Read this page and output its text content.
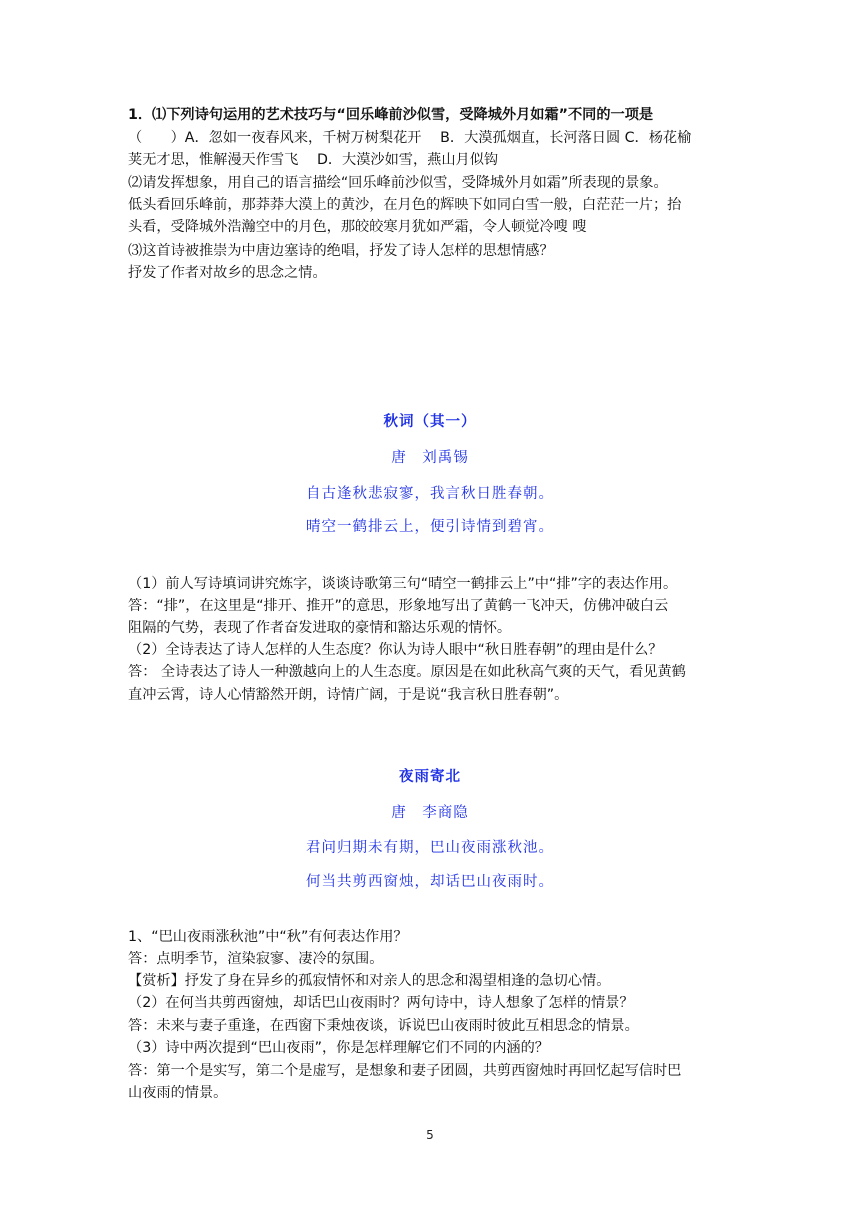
1．⑴下列诗句运用的艺术技巧与“回乐峰前沙似雪，受降城外月如霜”不同的一项是
（　　）A．忽如一夜春风来，千树万树梨花开　 B．大漠孤烟直，长河落日圆 C．杨花榆
荚无才思，惟解漫天作雪飞　 D．大漠沙如雪，燕山月似钩
⑵请发挥想象，用自己的语言描绘“回乐峰前沙似雪，受降城外月如霜”所表现的景象。
低头看回乐峰前，那莽莽大漠上的黄沙，在月色的辉映下如同白雪一般，白茫茫一片；抬
头看，受降城外浩瀚空中的月色，那皎皎寒月犹如严霜，令人顿觉冷嗖 嗖
⑶这首诗被推崇为中唐边塞诗的绝唱，抒发了诗人怎样的思想情感？
抒发了作者对故乡的思念之情。
秋词（其一）
唐　刘禹锡
自古逢秋悲寂寥，我言秋日胜春朝。
晴空一鹤排云上，便引诗情到碧宵。
（1）前人写诗填词讲究炼字，谈谈诗歌第三句“晴空一鹤排云上”中“排”字的表达作用。
答：“排”，在这里是“排开、推开”的意思，形象地写出了黄鹤一飞冲天，仿佛冲破白云
阻隔的气势，表现了作者奋发进取的豪情和豁达乐观的情怀。
（2）全诗表达了诗人怎样的人生态度？你认为诗人眼中“秋日胜春朝”的理由是什么？
答： 全诗表达了诗人一种激越向上的人生态度。原因是在如此秋高气爽的天气，看见黄鹤
直冲云霄，诗人心情豁然开朗，诗情广阔，于是说“我言秋日胜春朝”。
夜雨寄北
唐　李商隐
君问归期未有期，巴山夜雨涨秋池。
何当共剪西窗烛，却话巴山夜雨时。
1、“巴山夜雨涨秋池”中“秋”有何表达作用？
答：点明季节，渲染寂寥、凄冷的氛围。
【赏析】抒发了身在异乡的孤寂情怀和对亲人的思念和渴望相逢的急切心情。
（2）在何当共剪西窗烛，却话巴山夜雨时？两句诗中，诗人想象了怎样的情景？
答：未来与妻子重逢，在西窗下秉烛夜谈，诉说巴山夜雨时彼此互相思念的情景。
（3）诗中两次提到“巴山夜雨”，你是怎样理解它们不同的内涵的？
答：第一个是实写，第二个是虚写，是想象和妻子团圆，共剪西窗烛时再回忆起写信时巴
山夜雨的情景。
5
